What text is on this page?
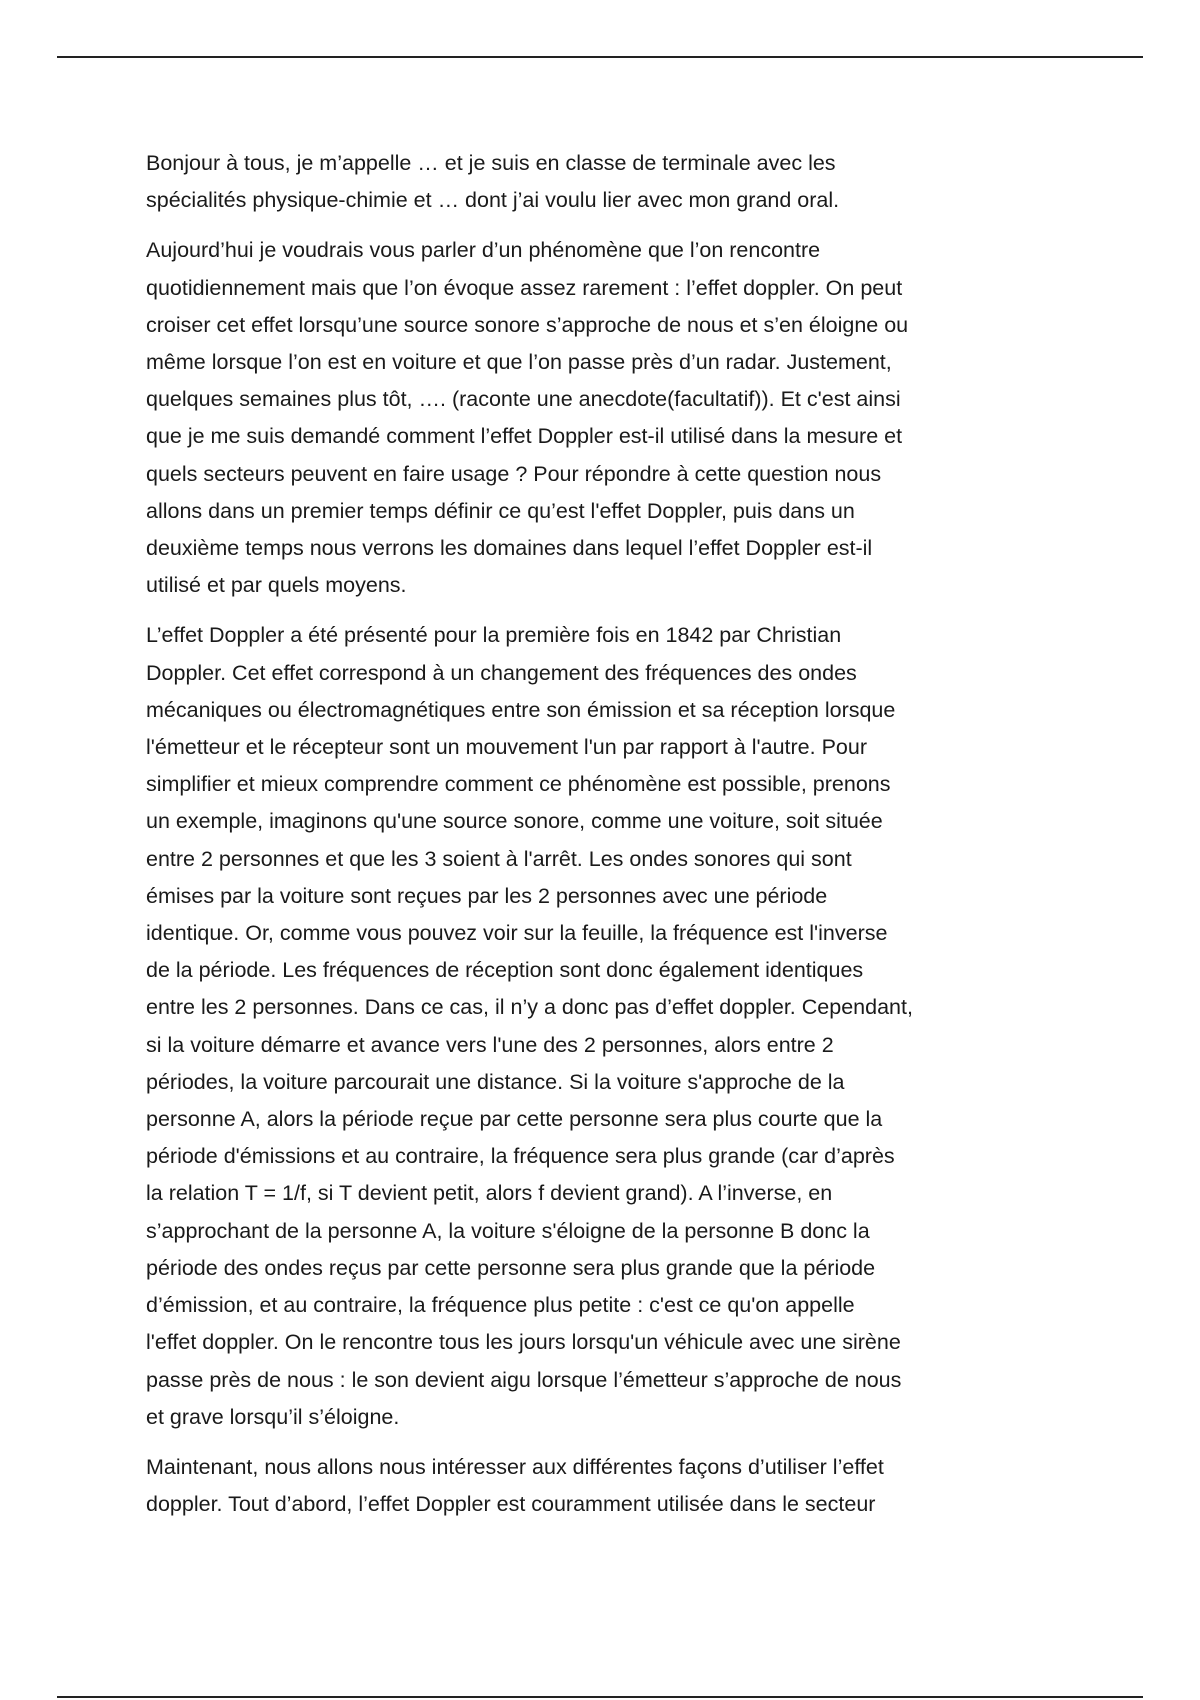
Bonjour à tous, je m’appelle … et je suis en classe de terminale avec les
spécialités physique-chimie et … dont j’ai voulu lier avec mon grand oral.

Aujourd’hui je voudrais vous parler d’un phénomène que l’on rencontre
quotidiennement mais que l’on évoque assez rarement : l’effet doppler. On peut
croiser cet effet lorsqu’une source sonore s’approche de nous et s’en éloigne ou
même lorsque l’on est en voiture et que l’on passe près d’un radar. Justement,
quelques semaines plus tôt, …. (raconte une anecdote(facultatif)). Et c'est ainsi
que je me suis demandé comment l’effet Doppler est-il utilisé dans la mesure et
quels secteurs peuvent en faire usage ? Pour répondre à cette question nous
allons dans un premier temps définir ce qu’est l'effet Doppler, puis dans un
deuxième temps nous verrons les domaines dans lequel l’effet Doppler est-il
utilisé et par quels moyens.

L’effet Doppler a été présenté pour la première fois en 1842 par Christian
Doppler. Cet effet correspond à un changement des fréquences des ondes
mécaniques ou électromagnétiques entre son émission et sa réception lorsque
l'émetteur et le récepteur sont un mouvement l'un par rapport à l'autre. Pour
simplifier et mieux comprendre comment ce phénomène est possible, prenons
un exemple, imaginons qu'une source sonore, comme une voiture, soit située
entre 2 personnes et que les 3 soient à l'arrêt. Les ondes sonores qui sont
émises par la voiture sont reçues par les 2 personnes avec une période
identique. Or, comme vous pouvez voir sur la feuille, la fréquence est l'inverse
de la période. Les fréquences de réception sont donc également identiques
entre les 2 personnes. Dans ce cas, il n’y a donc pas d’effet doppler. Cependant,
si la voiture démarre et avance vers l'une des 2 personnes, alors entre 2
périodes, la voiture parcourait une distance. Si la voiture s'approche de la
personne A, alors la période reçue par cette personne sera plus courte que la
période d'émissions et au contraire, la fréquence sera plus grande (car d’après
la relation T = 1/f, si T devient petit, alors f devient grand). A l’inverse, en
s’approchant de la personne A, la voiture s'éloigne de la personne B donc la
période des ondes reçus par cette personne sera plus grande que la période
d’émission, et au contraire, la fréquence plus petite : c'est ce qu'on appelle
l'effet doppler. On le rencontre tous les jours lorsqu'un véhicule avec une sirène
passe près de nous : le son devient aigu lorsque l’émetteur s’approche de nous
et grave lorsqu’il s’éloigne.

Maintenant, nous allons nous intéresser aux différentes façons d’utiliser l’effet
doppler. Tout d’abord, l’effet Doppler est couramment utilisée dans le secteur
